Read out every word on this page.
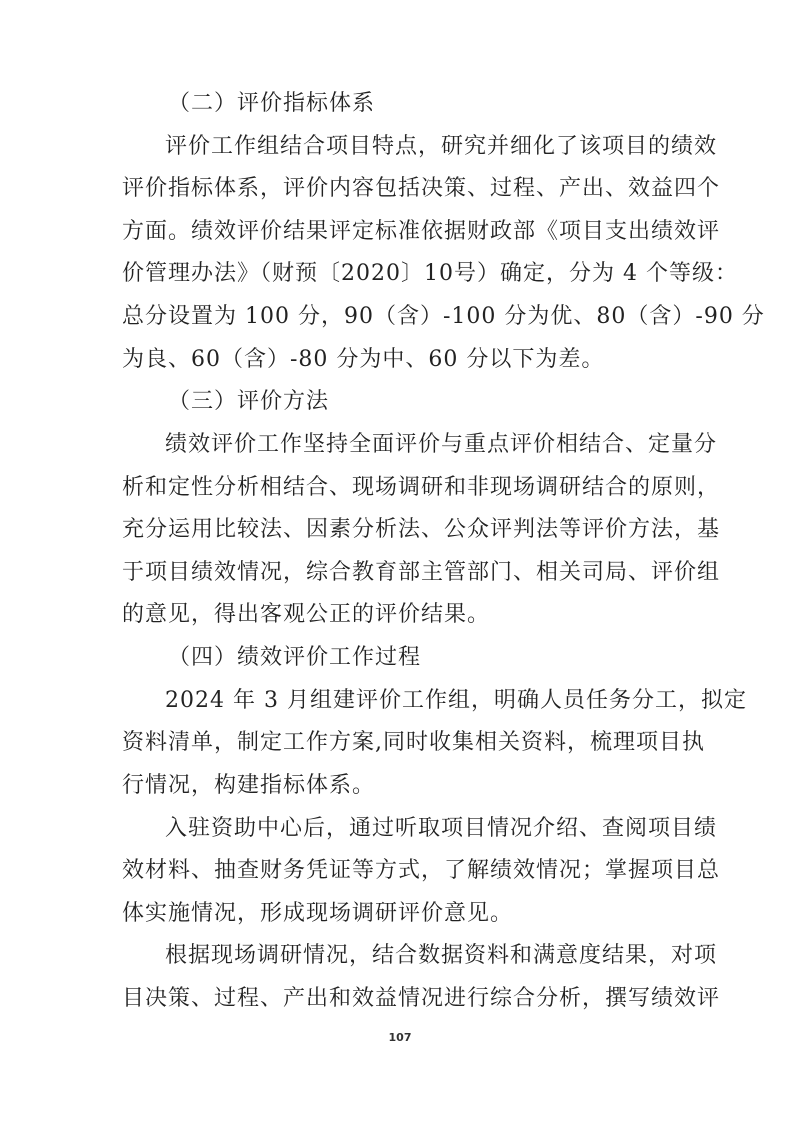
（二）评价指标体系
评价工作组结合项目特点，研究并细化了该项目的绩效
评价指标体系，评价内容包括决策、过程、产出、效益四个
方面。绩效评价结果评定标准依据财政部《项目支出绩效评
价管理办法》（财预〔2020〕10号）确定，分为 4 个等级：
总分设置为 100 分，90（含）-100 分为优、80（含）-90 分
为良、60（含）-80 分为中、60 分以下为差。
（三）评价方法
绩效评价工作坚持全面评价与重点评价相结合、定量分
析和定性分析相结合、现场调研和非现场调研结合的原则，
充分运用比较法、因素分析法、公众评判法等评价方法，基
于项目绩效情况，综合教育部主管部门、相关司局、评价组
的意见，得出客观公正的评价结果。
（四）绩效评价工作过程
2024 年 3 月组建评价工作组，明确人员任务分工，拟定
资料清单，制定工作方案,同时收集相关资料，梳理项目执
行情况，构建指标体系。
入驻资助中心后，通过听取项目情况介绍、查阅项目绩
效材料、抽查财务凭证等方式，了解绩效情况；掌握项目总
体实施情况，形成现场调研评价意见。
根据现场调研情况，结合数据资料和满意度结果，对项
目决策、过程、产出和效益情况进行综合分析，撰写绩效评
107
